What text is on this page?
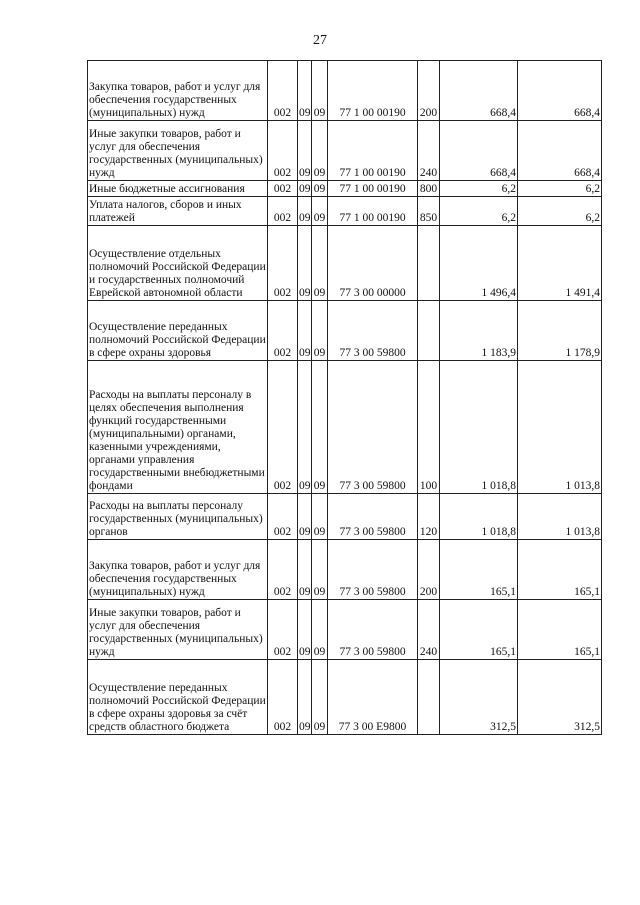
27
Закупка товаров, работ и услуг для обеспечения государственных (муниципальных) нужд	002	09	09	77 1 00 00190	200	668,4	668,4
Иные закупки товаров, работ и услуг для обеспечения государственных (муниципальных) нужд	002	09	09	77 1 00 00190	240	668,4	668,4
Иные бюджетные ассигнования	002	09	09	77 1 00 00190	800	6,2	6,2
Уплата налогов, сборов и иных платежей	002	09	09	77 1 00 00190	850	6,2	6,2
Осуществление отдельных полномочий Российской Федерации и государственных полномочий Еврейской автономной области	002	09	09	77 3 00 00000		1 496,4	1 491,4
Осуществление переданных полномочий Российской Федерации в сфере охраны здоровья	002	09	09	77 3 00 59800		1 183,9	1 178,9
Расходы на выплаты персоналу в целях обеспечения выполнения функций государственными (муниципальными) органами, казенными учреждениями, органами управления государственными внебюджетными фондами	002	09	09	77 3 00 59800	100	1 018,8	1 013,8
Расходы на выплаты персоналу государственных (муниципальных) органов	002	09	09	77 3 00 59800	120	1 018,8	1 013,8
Закупка товаров, работ и услуг для обеспечения государственных (муниципальных) нужд	002	09	09	77 3 00 59800	200	165,1	165,1
Иные закупки товаров, работ и услуг для обеспечения государственных (муниципальных) нужд	002	09	09	77 3 00 59800	240	165,1	165,1
Осуществление переданных полномочий Российской Федерации в сфере охраны здоровья за счёт средств областного бюджета	002	09	09	77 3 00 E9800		312,5	312,5
